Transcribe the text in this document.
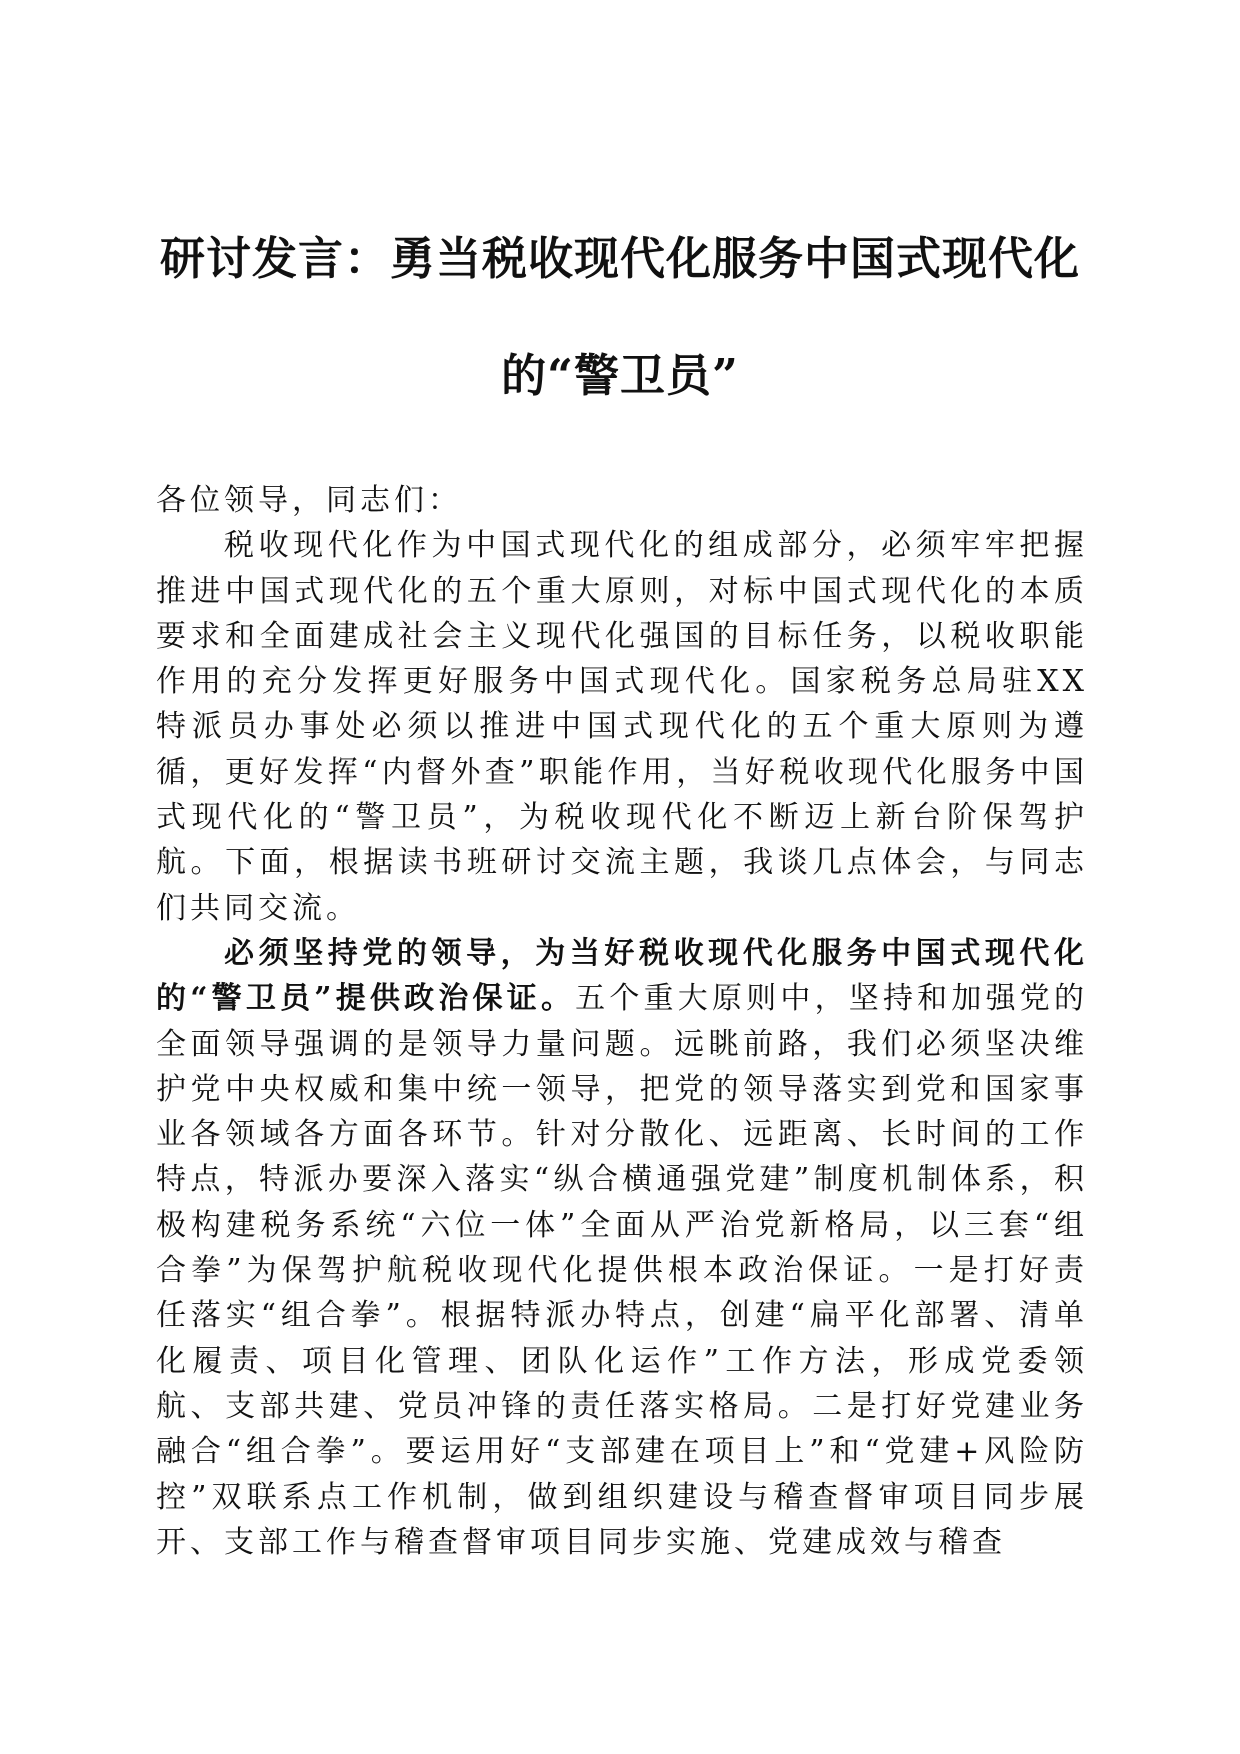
研讨发言：勇当税收现代化服务中国式现代化
的“警卫员”

各位领导，同志们：

税收现代化作为中国式现代化的组成部分，必须牢牢把握推进中国式现代化的五个重大原则，对标中国式现代化的本质要求和全面建成社会主义现代化强国的目标任务，以税收职能作用的充分发挥更好服务中国式现代化。国家税务总局驻XX特派员办事处必须以推进中国式现代化的五个重大原则为遵循，更好发挥“内督外查”职能作用，当好税收现代化服务中国式现代化的“警卫员”，为税收现代化不断迈上新台阶保驾护航。下面，根据读书班研讨交流主题，我谈几点体会，与同志们共同交流。

必须坚持党的领导，为当好税收现代化服务中国式现代化的“警卫员”提供政治保证。五个重大原则中，坚持和加强党的全面领导强调的是领导力量问题。远眺前路，我们必须坚决维护党中央权威和集中统一领导，把党的领导落实到党和国家事业各领域各方面各环节。针对分散化、远距离、长时间的工作特点，特派办要深入落实“纵合横通强党建”制度机制体系，积极构建税务系统“六位一体”全面从严治党新格局，以三套“组合拳”为保驾护航税收现代化提供根本政治保证。一是打好责任落实“组合拳”。根据特派办特点，创建“扁平化部署、清单化履责、项目化管理、团队化运作”工作方法，形成党委领航、支部共建、党员冲锋的责任落实格局。二是打好党建业务融合“组合拳”。要运用好“支部建在项目上”和“党建+风险防控”双联系点工作机制，做到组织建设与稽查督审项目同步展开、支部工作与稽查督审项目同步实施、党建成效与稽查
